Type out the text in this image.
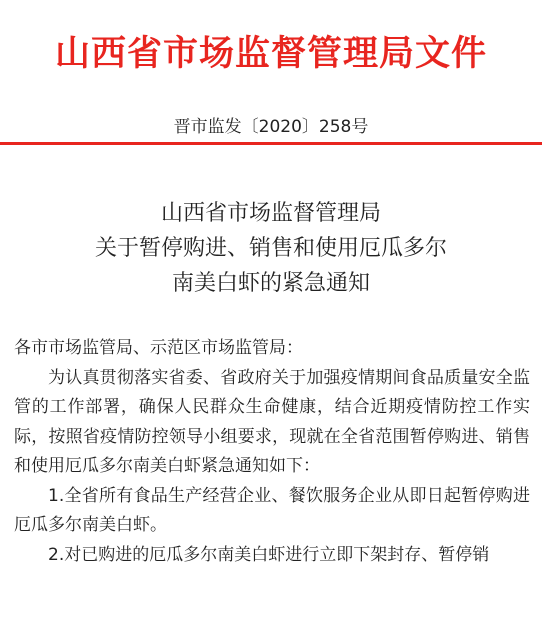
山西省市场监督管理局文件
晋市监发〔2020〕258号
山西省市场监督管理局
关于暂停购进、销售和使用厄瓜多尔
南美白虾的紧急通知

各市市场监管局、示范区市场监管局：

为认真贯彻落实省委、省政府关于加强疫情期间食品质量安全监管的工作部署，确保人民群众生命健康，结合近期疫情防控工作实际，按照省疫情防控领导小组要求，现就在全省范围暂停购进、销售和使用厄瓜多尔南美白虾紧急通知如下：

1.全省所有食品生产经营企业、餐饮服务企业从即日起暂停购进厄瓜多尔南美白虾。

2.对已购进的厄瓜多尔南美白虾进行立即下架封存、暂停销
